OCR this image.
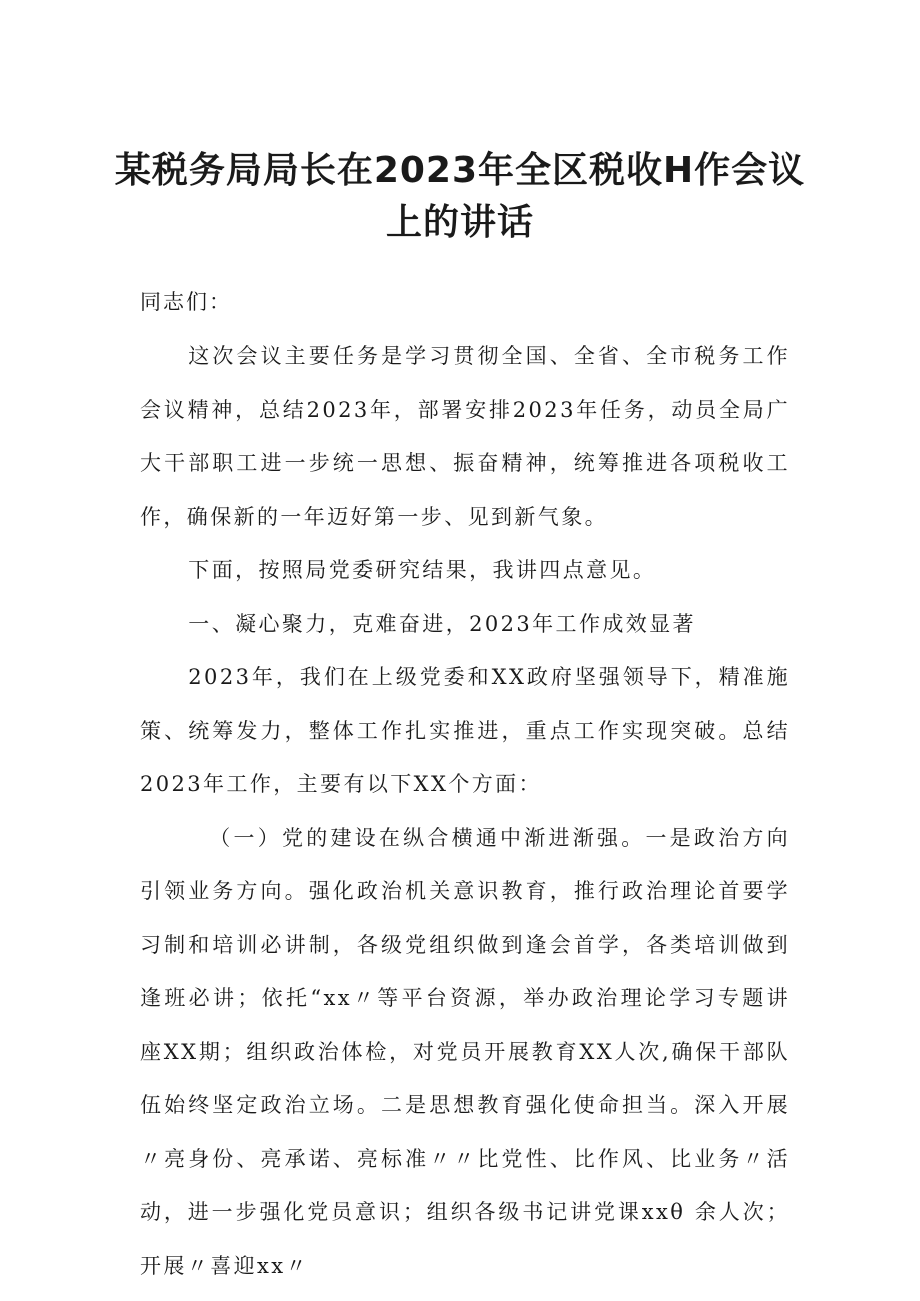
某税务局局长在2023年全区税收H作会议
上的讲话
同志们：

这次会议主要任务是学习贯彻全国、全省、全市税务工作会议精神，总结2023年，部署安排2023年任务，动员全局广大干部职工进一步统一思想、振奋精神，统筹推进各项税收工作，确保新的一年迈好第一步、见到新气象。

下面，按照局党委研究结果，我讲四点意见。

一、凝心聚力，克难奋进，2023年工作成效显著

2023年，我们在上级党委和XX政府坚强领导下，精准施策、统筹发力，整体工作扎实推进，重点工作实现突破。总结2023年工作，主要有以下XX个方面：

（一）党的建设在纵合横通中渐进渐强。一是政治方向引领业务方向。强化政治机关意识教育，推行政治理论首要学习制和培训必讲制，各级党组织做到逢会首学，各类培训做到逢班必讲；依托“xx〃等平台资源，举办政治理论学习专题讲座XX期；组织政治体检，对党员开展教育XX人次,确保干部队伍始终坚定政治立场。二是思想教育强化使命担当。深入开展〃亮身份、亮承诺、亮标准〃〃比党性、比作风、比业务〃活动，进一步强化党员意识；组织各级书记讲党课xxθ 余人次；开展〃喜迎xx〃
